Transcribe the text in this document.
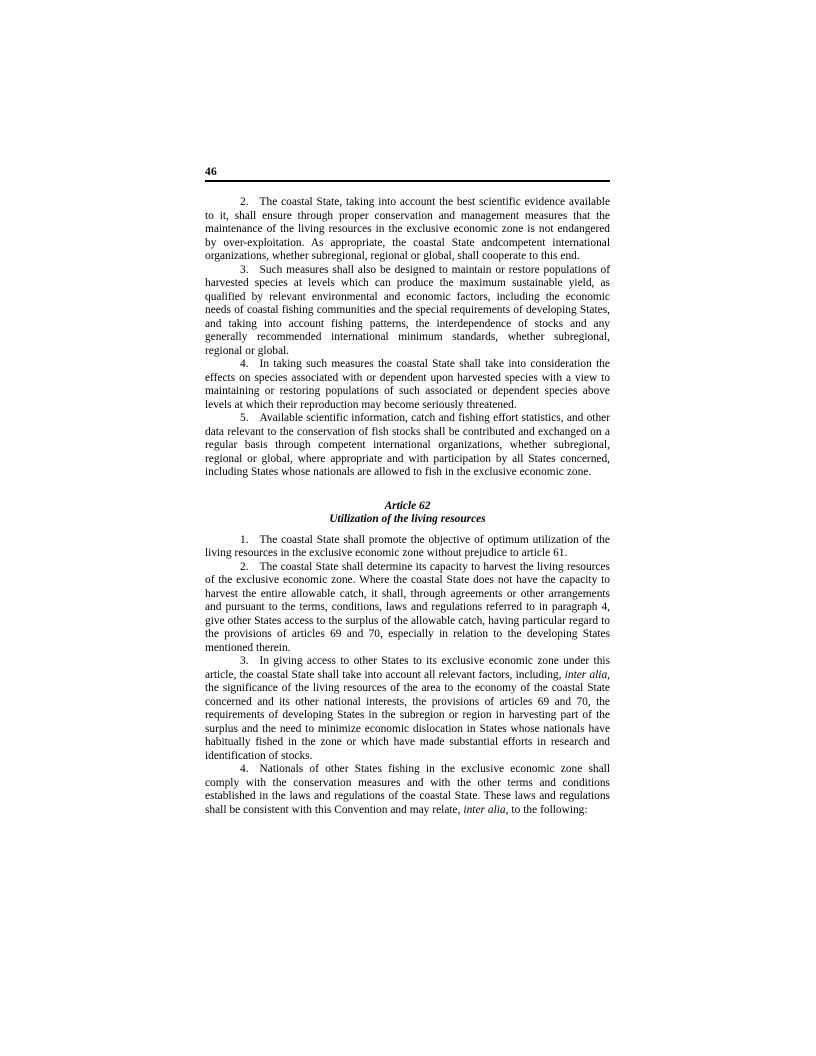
46

2. The coastal State, taking into account the best scientific evidence available to it, shall ensure through proper conservation and management measures that the maintenance of the living resources in the exclusive economic zone is not endangered by over-exploitation. As appropriate, the coastal State andcompetent international organizations, whether subregional, regional or global, shall cooperate to this end.

3. Such measures shall also be designed to maintain or restore populations of harvested species at levels which can produce the maximum sustainable yield, as qualified by relevant environmental and economic factors, including the economic needs of coastal fishing communities and the special requirements of developing States, and taking into account fishing patterns, the interdependence of stocks and any generally recommended international minimum standards, whether subregional, regional or global.

4. In taking such measures the coastal State shall take into consideration the effects on species associated with or dependent upon harvested species with a view to maintaining or restoring populations of such associated or dependent species above levels at which their reproduction may become seriously threatened.

5. Available scientific information, catch and fishing effort statistics, and other data relevant to the conservation of fish stocks shall be contributed and exchanged on a regular basis through competent international organizations, whether subregional, regional or global, where appropriate and with participation by all States concerned, including States whose nationals are allowed to fish in the exclusive economic zone.

Article 62

Utilization of the living resources

1. The coastal State shall promote the objective of optimum utilization of the living resources in the exclusive economic zone without prejudice to article 61.

2. The coastal State shall determine its capacity to harvest the living resources of the exclusive economic zone. Where the coastal State does not have the capacity to harvest the entire allowable catch, it shall, through agreements or other arrangements and pursuant to the terms, conditions, laws and regulations referred to in paragraph 4, give other States access to the surplus of the allowable catch, having particular regard to the provisions of articles 69 and 70, especially in relation to the developing States mentioned therein.

3. In giving access to other States to its exclusive economic zone under this article, the coastal State shall take into account all relevant factors, including, inter alia, the significance of the living resources of the area to the economy of the coastal State concerned and its other national interests, the provisions of articles 69 and 70, the requirements of developing States in the subregion or region in harvesting part of the surplus and the need to minimize economic dislocation in States whose nationals have habitually fished in the zone or which have made substantial efforts in research and identification of stocks.

4. Nationals of other States fishing in the exclusive economic zone shall comply with the conservation measures and with the other terms and conditions established in the laws and regulations of the coastal State. These laws and regulations shall be consistent with this Convention and may relate, inter alia, to the following:
